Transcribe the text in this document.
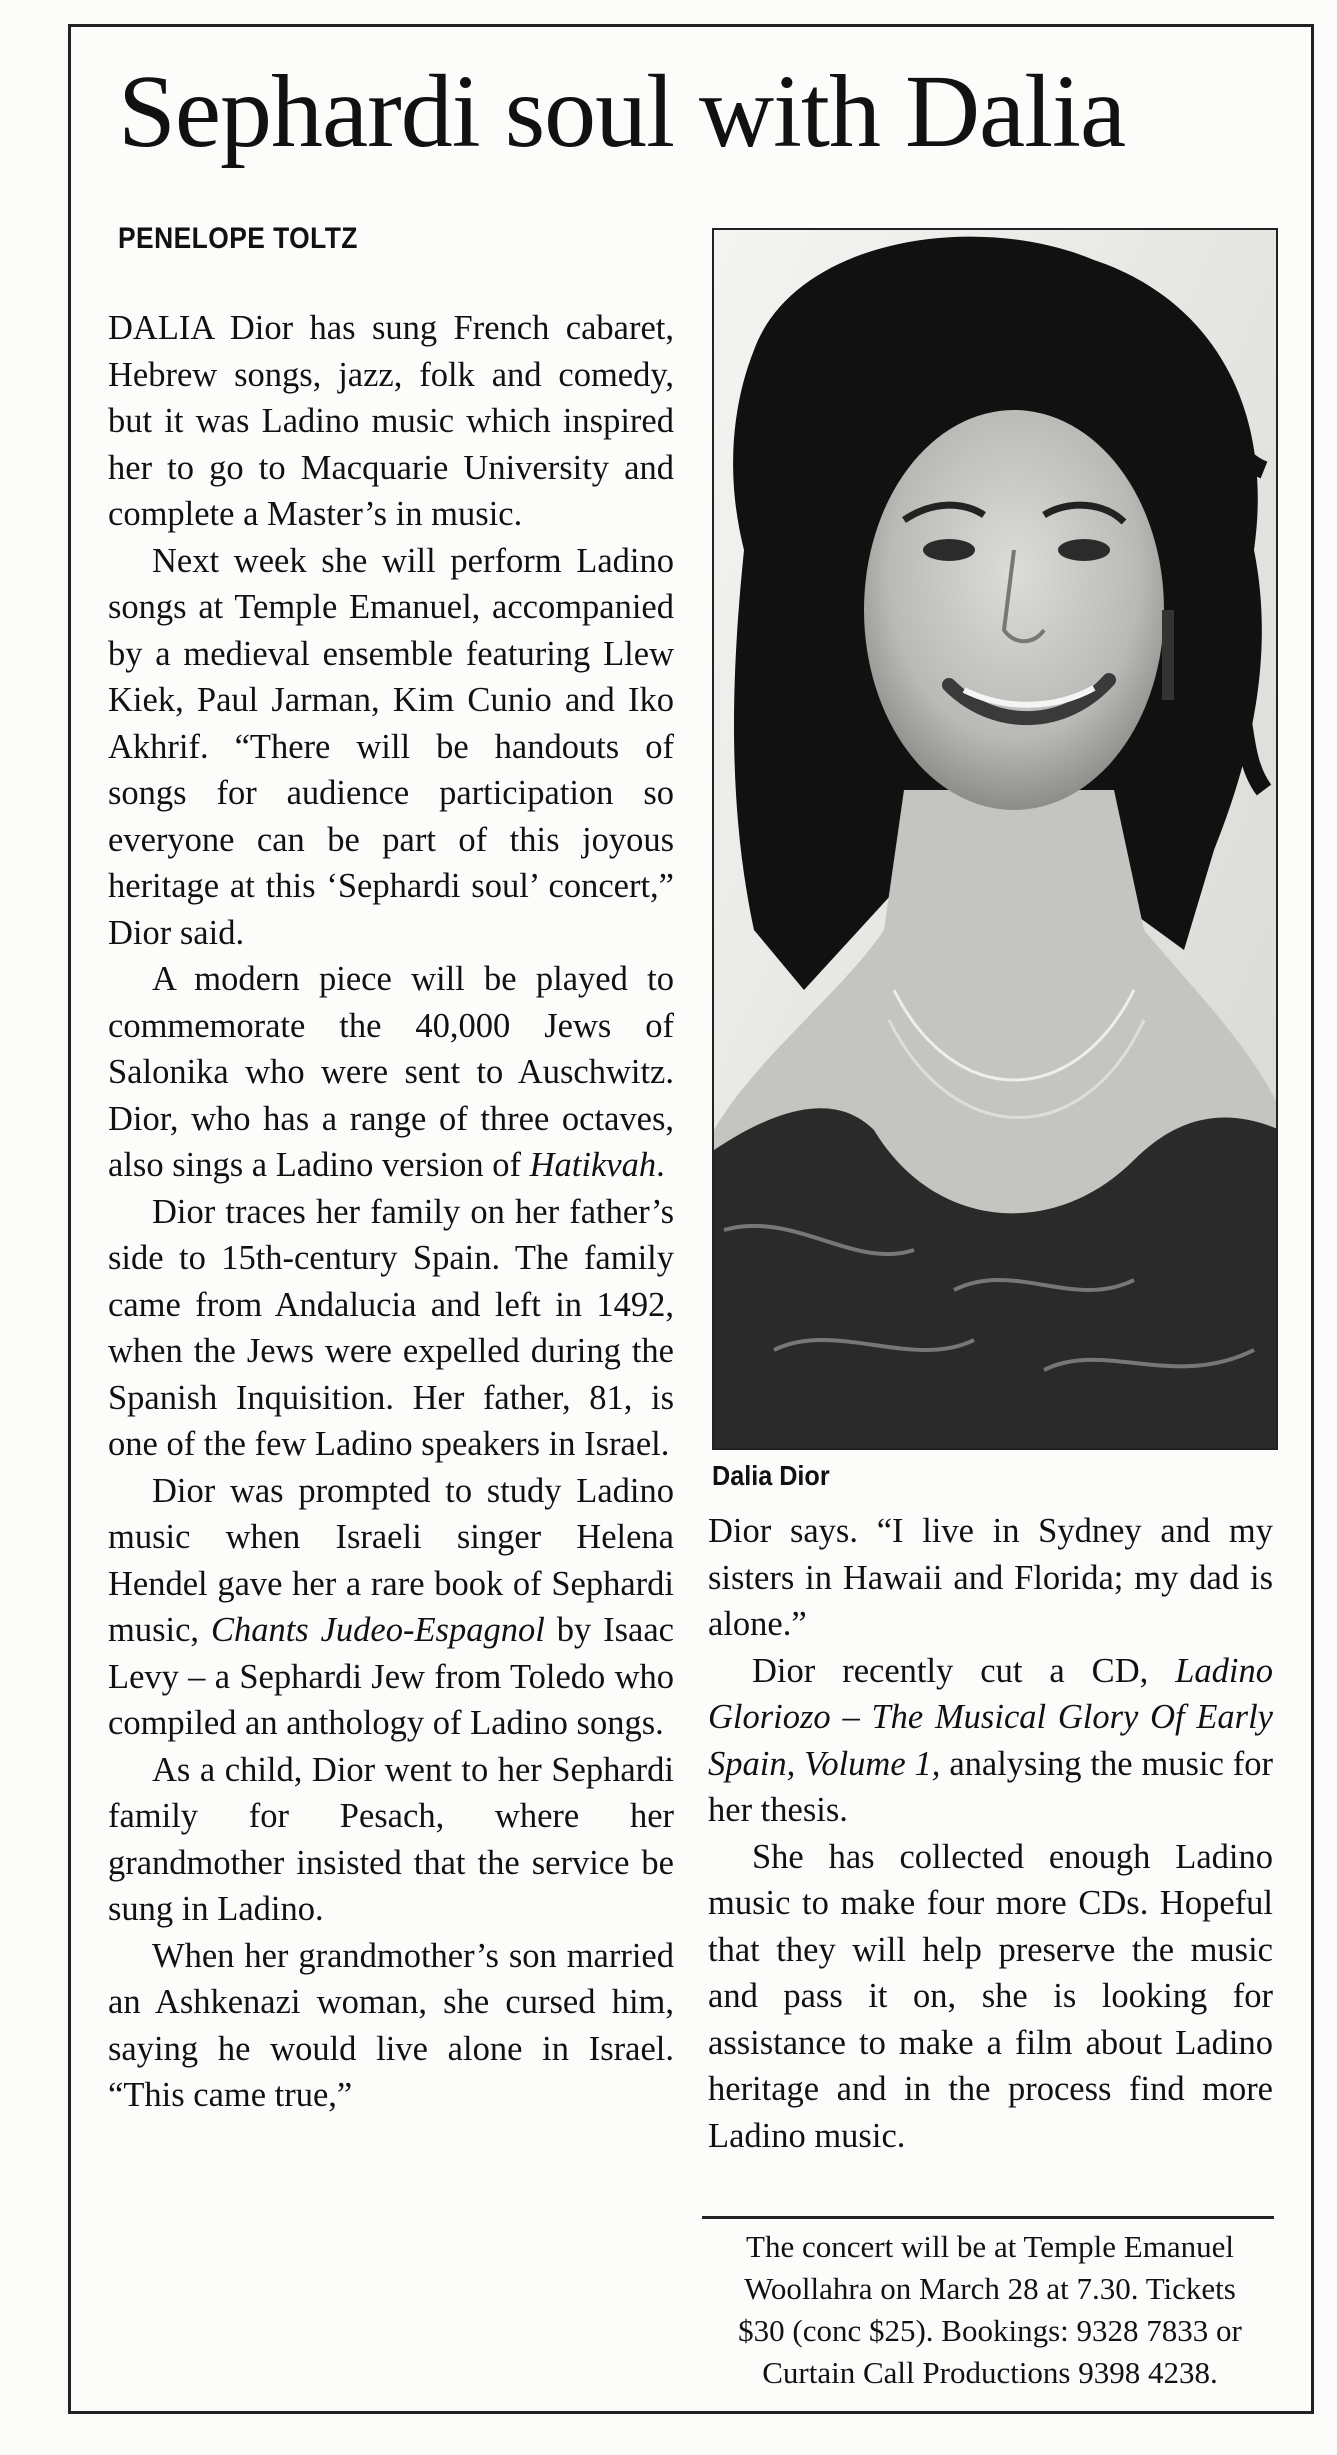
Sephardi soul with Dalia
PENELOPE TOLTZ

DALIA Dior has sung French cabaret, Hebrew songs, jazz, folk and comedy, but it was Ladino music which inspired her to go to Macquarie University and complete a Master’s in music.

Next week she will perform Ladino songs at Temple Emanuel, accompanied by a medieval ensemble featuring Llew Kiek, Paul Jarman, Kim Cunio and Iko Akhrif. “There will be handouts of songs for audience participation so everyone can be part of this joyous heritage at this ‘Sephardi soul’ concert,” Dior said.

A modern piece will be played to commemorate the 40,000 Jews of Salonika who were sent to Auschwitz. Dior, who has a range of three octaves, also sings a Ladino version of Hatikvah.

Dior traces her family on her father’s side to 15th-century Spain. The family came from Andalucia and left in 1492, when the Jews were expelled during the Spanish Inquisition. Her father, 81, is one of the few Ladino speakers in Israel.

Dior was prompted to study Ladino music when Israeli singer Helena Hendel gave her a rare book of Sephardi music, Chants Judeo-Espagnol by Isaac Levy – a Sephardi Jew from Toledo who compiled an anthology of Ladino songs.

As a child, Dior went to her Sephardi family for Pesach, where her grandmother insisted that the service be sung in Ladino.

When her grandmother’s son married an Ashkenazi woman, she cursed him, saying he would live alone in Israel. “This came true,”

Dalia Dior

Dior says. “I live in Sydney and my sisters in Hawaii and Florida; my dad is alone.”

Dior recently cut a CD, Ladino Gloriozo – The Musical Glory Of Early Spain, Volume 1, analysing the music for her thesis.

She has collected enough Ladino music to make four more CDs. Hopeful that they will help preserve the music and pass it on, she is looking for assistance to make a film about Ladino heritage and in the process find more Ladino music.

The concert will be at Temple Emanuel
Woollahra on March 28 at 7.30. Tickets
$30 (conc $25). Bookings: 9328 7833 or
Curtain Call Productions 9398 4238.
